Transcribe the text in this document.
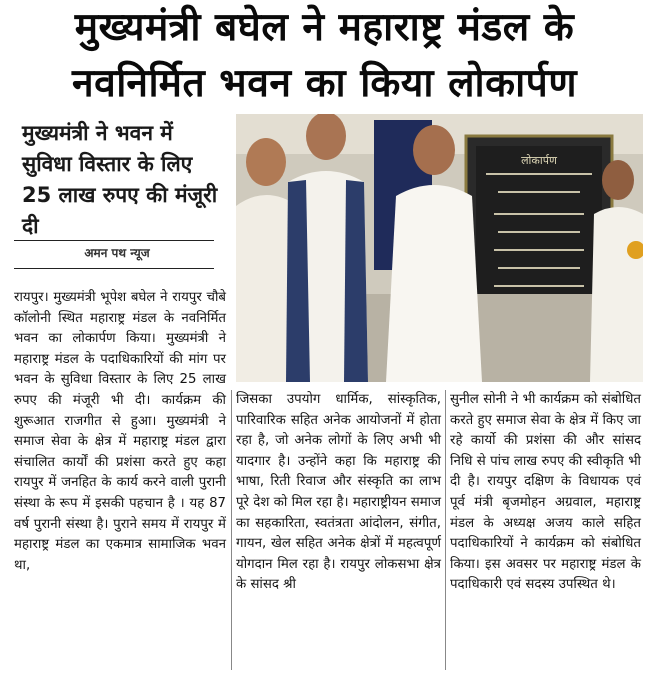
मुख्यमंत्री बघेल ने महाराष्ट्र मंडल के
नवनिर्मित भवन का किया लोकार्पण
मुख्यमंत्री ने भवन में सुविधा विस्तार के लिए 25 लाख रुपए की मंजूरी दी
अमन पथ न्यूज
लोकार्पण
रायपुर। मुख्यमंत्री भूपेश बघेल ने रायपुर चौबे कॉलोनी स्थित महाराष्ट्र मंडल के नवनिर्मित भवन का लोकार्पण किया। मुख्यमंत्री ने महाराष्ट्र मंडल के पदाधिकारियों की मांग पर भवन के सुविधा विस्तार के लिए 25 लाख रुपए की मंजूरी भी दी। कार्यक्रम की शुरूआत राजगीत से हुआ। मुख्यमंत्री ने समाज सेवा के क्षेत्र में महाराष्ट्र मंडल द्वारा संचालित कार्यों की प्रशंसा करते हुए कहा रायपुर में जनहित के कार्य करने वाली पुरानी संस्था के रूप में इसकी पहचान है । यह 87 वर्ष पुरानी संस्था है। पुराने समय में रायपुर में महाराष्ट्र मंडल का एकमात्र सामाजिक भवन था,
जिसका उपयोग धार्मिक, सांस्कृतिक, पारिवारिक सहित अनेक आयोजनों में होता रहा है, जो अनेक लोगों के लिए अभी भी यादगार है। उन्होंने कहा कि महाराष्ट्र की भाषा, रिती रिवाज और संस्कृति का लाभ पूरे देश को मिल रहा है। महाराष्ट्रीयन समाज का सहकारिता, स्वतंत्रता आंदोलन, संगीत, गायन, खेल सहित अनेक क्षेत्रों में महत्वपूर्ण योगदान मिल रहा है। रायपुर लोकसभा क्षेत्र के सांसद श्री
सुनील सोनी ने भी कार्यक्रम को संबोधित करते हुए समाज सेवा के क्षेत्र में किए जा रहे कार्यो की प्रशंसा की और सांसद निधि से पांच लाख रुपए की स्वीकृति भी दी है। रायपुर दक्षिण के विधायक एवं पूर्व मंत्री बृजमोहन अग्रवाल, महाराष्ट्र मंडल के अध्यक्ष अजय काले सहित पदाधिकारियों ने कार्यक्रम को संबोधित किया। इस अवसर पर महाराष्ट्र मंडल के पदाधिकारी एवं सदस्य उपस्थित थे।
